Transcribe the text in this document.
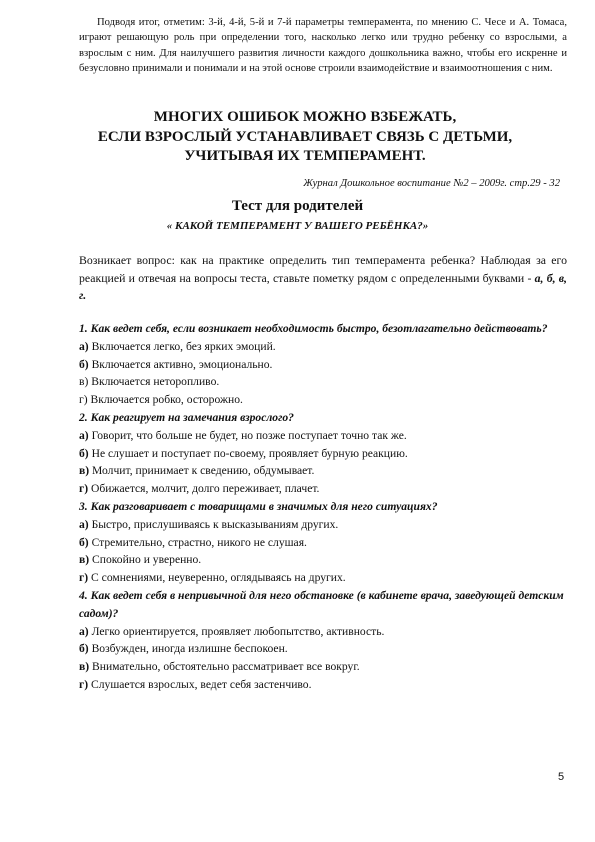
Подводя итог, отметим: 3-й, 4-й, 5-й и 7-й параметры темперамента, по мнению С. Чесе и А. Томаса, играют решающую роль при определении того, насколько легко или трудно ребенку со взрослыми, а взрослым с ним. Для наилучшего развития личности каждого дошкольника важно, чтобы его искренне и безусловно принимали и понимали и на этой основе строили взаимодействие и взаимоотношения с ним.

МНОГИХ ОШИБОК МОЖНО ВЗБЕЖАТЬ,
ЕСЛИ ВЗРОСЛЫЙ УСТАНАВЛИВАЕТ СВЯЗЬ С ДЕТЬМИ,
УЧИТЫВАЯ ИХ ТЕМПЕРАМЕНТ.
Журнал Дошкольное воспитание №2 – 2009г. стр.29 - 32
Тест для родителей
« КАКОЙ ТЕМПЕРАМЕНТ У ВАШЕГО РЕБЁНКА?»
Возникает вопрос: как на практике определить тип темперамента ребенка? Наблюдая за его реакцией и отвечая на вопросы теста, ставьте пометку рядом с определенными буквами - а, б, в, г.
1. Как ведет себя, если возникает необходимость быстро, безотлагательно действовать?
а) Включается легко, без ярких эмоций.
б) Включается активно, эмоционально.
в) Включается неторопливо.
г) Включается робко, осторожно.
2. Как реагирует на замечания взрослого?
а) Говорит, что больше не будет, но позже поступает точно так же.
б) Не слушает и поступает по-своему, проявляет бурную реакцию.
в) Молчит, принимает к сведению, обдумывает.
г) Обижается, молчит, долго переживает, плачет.
3. Как разговаривает с товарищами в значимых для него ситуациях?
а) Быстро, прислушиваясь к высказываниям других.
б) Стремительно, страстно, никого не слушая.
в) Спокойно и уверенно.
г) С сомнениями, неуверенно, оглядываясь на других.
4. Как ведет себя в непривычной для него обстановке (в кабинете врача, заведующей детским садом)?
а) Легко ориентируется, проявляет любопытство, активность.
б) Возбужден, иногда излишне беспокоен.
в) Внимательно, обстоятельно рассматривает все вокруг.
г) Слушается взрослых, ведет себя застенчиво.
5
